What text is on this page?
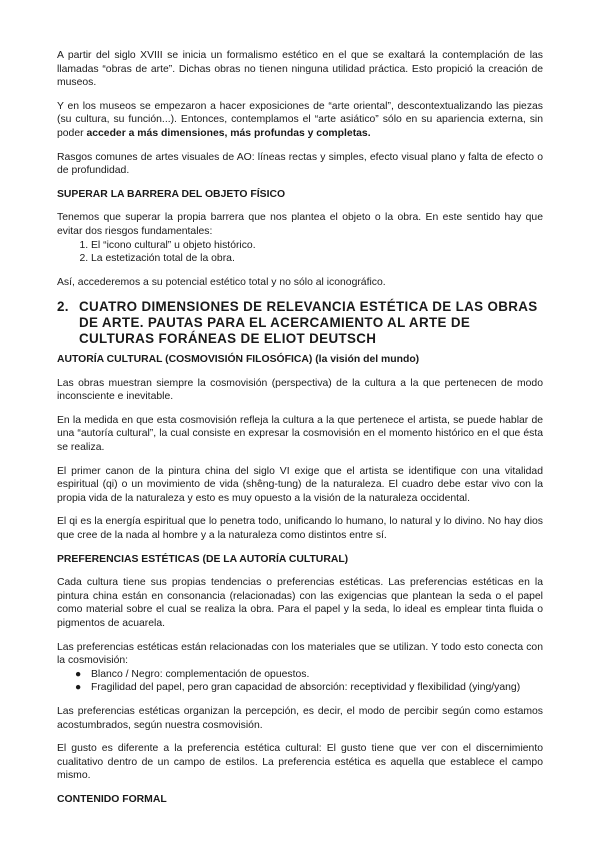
A partir del siglo XVIII se inicia un formalismo estético en el que se exaltará la contemplación de las llamadas “obras de arte”. Dichas obras no tienen ninguna utilidad práctica. Esto propició la creación de museos.

Y en los museos se empezaron a hacer exposiciones de “arte oriental”, descontextualizando las piezas (su cultura, su función...). Entonces, contemplamos el “arte asiático” sólo en su apariencia externa, sin poder acceder a más dimensiones, más profundas y completas.

Rasgos comunes de artes visuales de AO: líneas rectas y simples, efecto visual plano y falta de efecto o de profundidad.

SUPERAR LA BARRERA DEL OBJETO FÍSICO

Tenemos que superar la propia barrera que nos plantea el objeto o la obra. En este sentido hay que evitar dos riesgos fundamentales:

1. El “icono cultural” u objeto histórico.
2. La estetización total de la obra.

Así, accederemos a su potencial estético total y no sólo al iconográfico.

2. CUATRO DIMENSIONES DE RELEVANCIA ESTÉTICA DE LAS OBRAS DE ARTE. PAUTAS PARA EL ACERCAMIENTO AL ARTE DE CULTURAS FORÁNEAS DE ELIOT DEUTSCH
AUTORÍA CULTURAL (COSMOVISIÓN FILOSÓFICA) (la visión del mundo)

Las obras muestran siempre la cosmovisión (perspectiva) de la cultura a la que pertenecen de modo inconsciente e inevitable.

En la medida en que esta cosmovisión refleja la cultura a la que pertenece el artista, se puede hablar de una “autoría cultural”, la cual consiste en expresar la cosmovisión en el momento histórico en el que ésta se realiza.

El primer canon de la pintura china del siglo VI exige que el artista se identifique con una vitalidad espiritual (qi) o un movimiento de vida (shêng-tung) de la naturaleza. El cuadro debe estar vivo con la propia vida de la naturaleza y esto es muy opuesto a la visión de la naturaleza occidental.

El qi es la energía espiritual que lo penetra todo, unificando lo humano, lo natural y lo divino. No hay dios que cree de la nada al hombre y a la naturaleza como distintos entre sí.

PREFERENCIAS ESTÉTICAS (DE LA AUTORÍA CULTURAL)

Cada cultura tiene sus propias tendencias o preferencias estéticas. Las preferencias estéticas en la pintura china están en consonancia (relacionadas) con las exigencias que plantean la seda o el papel como material sobre el cual se realiza la obra. Para el papel y la seda, lo ideal es emplear tinta fluida o pigmentos de acuarela.

Las preferencias estéticas están relacionadas con los materiales que se utilizan. Y todo esto conecta con la cosmovisión:

● Blanco / Negro: complementación de opuestos.
● Fragilidad del papel, pero gran capacidad de absorción: receptividad y flexibilidad (ying/yang)

Las preferencias estéticas organizan la percepción, es decir, el modo de percibir según como estamos acostumbrados, según nuestra cosmovisión.

El gusto es diferente a la preferencia estética cultural: El gusto tiene que ver con el discernimiento cualitativo dentro de un campo de estilos. La preferencia estética es aquella que establece el campo mismo.

CONTENIDO FORMAL
